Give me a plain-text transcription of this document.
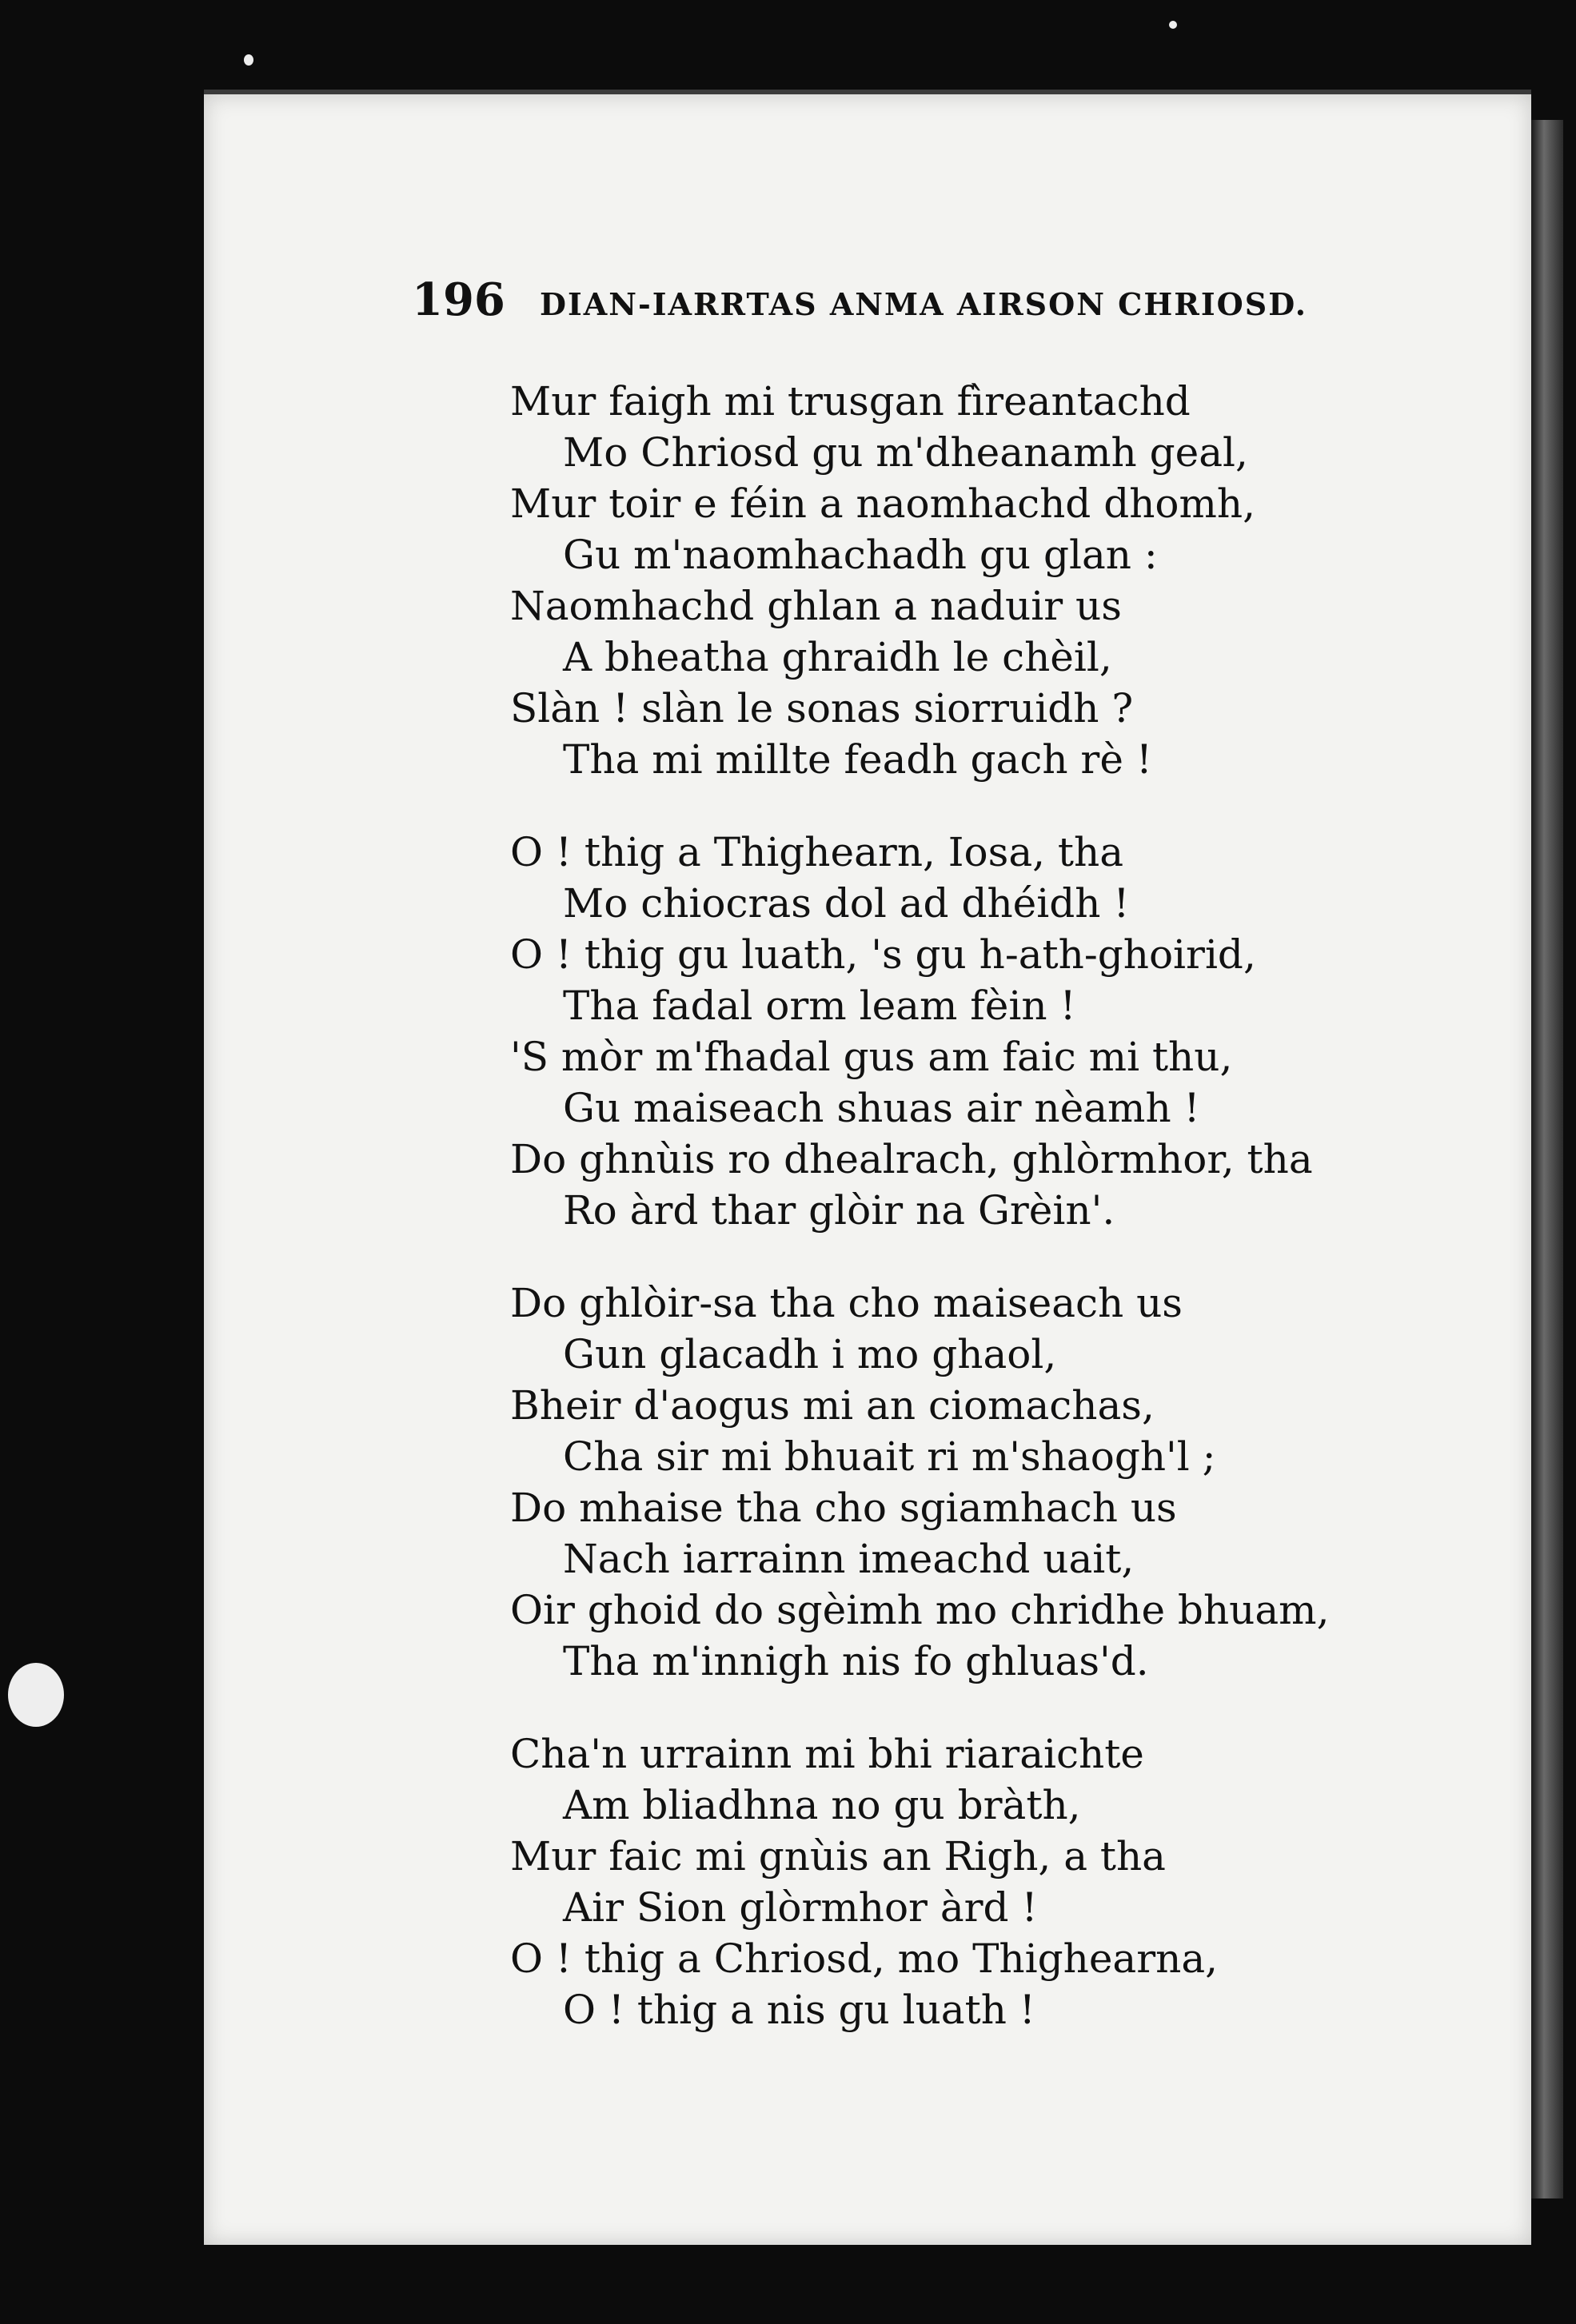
196 DIAN-IARRTAS ANMA AIRSON CHRIOSD.
Mur faigh mi trusgan fìreantachd
Mo Chriosd gu m'dheanamh geal,
Mur toir e féin a naomhachd dhomh,
Gu m'naomhachadh gu glan :
Naomhachd ghlan a naduir us
A bheatha ghraidh le chèil,
Slàn ! slàn le sonas siorruidh ?
Tha mi millte feadh gach rè !
O ! thig a Thighearn, Iosa, tha
Mo chiocras dol ad dhéidh !
O ! thig gu luath, 's gu h-ath-ghoirid,
Tha fadal orm leam fèin !
'S mòr m'fhadal gus am faic mi thu,
Gu maiseach shuas air nèamh !
Do ghnùis ro dhealrach, ghlòrmhor, tha
Ro àrd thar glòir na Grèin'.
Do ghlòir-sa tha cho maiseach us
Gun glacadh i mo ghaol,
Bheir d'aogus mi an ciomachas,
Cha sir mi bhuait ri m'shaogh'l ;
Do mhaise tha cho sgiamhach us
Nach iarrainn imeachd uait,
Oir ghoid do sgèimh mo chridhe bhuam,
Tha m'innigh nis fo ghluas'd.
Cha'n urrainn mi bhi riaraichte
Am bliadhna no gu bràth,
Mur faic mi gnùis an Righ, a tha
Air Sion glòrmhor àrd !
O ! thig a Chriosd, mo Thighearna,
O ! thig a nis gu luath !
